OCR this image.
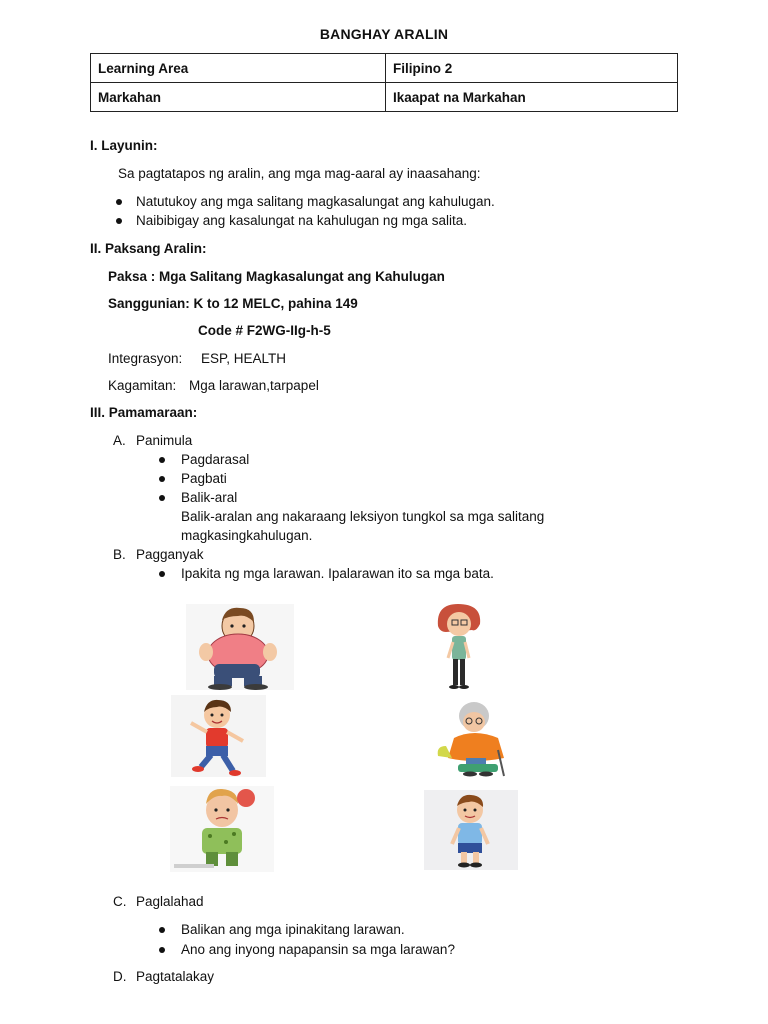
BANGHAY ARALIN
Learning Area	Filipino 2
Markahan	Ikaapat na Markahan
I. Layunin:
Sa pagtatapos ng aralin, ang mga mag-aaral ay inaasahang:
Natutukoy ang mga salitang magkasalungat ang kahulugan.
Naibibigay ang kasalungat na kahulugan ng mga salita.
II. Paksang Aralin:
Paksa : Mga Salitang Magkasalungat ang Kahulugan
Sanggunian: K to 12 MELC, pahina 149
Code # F2WG-IIg-h-5
Integrasyon: ESP, HEALTH
Kagamitan: Mga larawan,tarpapel
III. Pamamaraan:
A. Panimula
Pagdarasal
Pagbati
Balik-aral
Balik-aralan ang nakaraang leksiyon tungkol sa mga salitang
magkasingkahulugan.
B. Pagganyak
Ipakita ng mga larawan. Ipalarawan ito sa mga bata.
C. Paglalahad
Balikan ang mga ipinakitang larawan.
Ano ang inyong napapansin sa mga larawan?
D. Pagtatalakay
